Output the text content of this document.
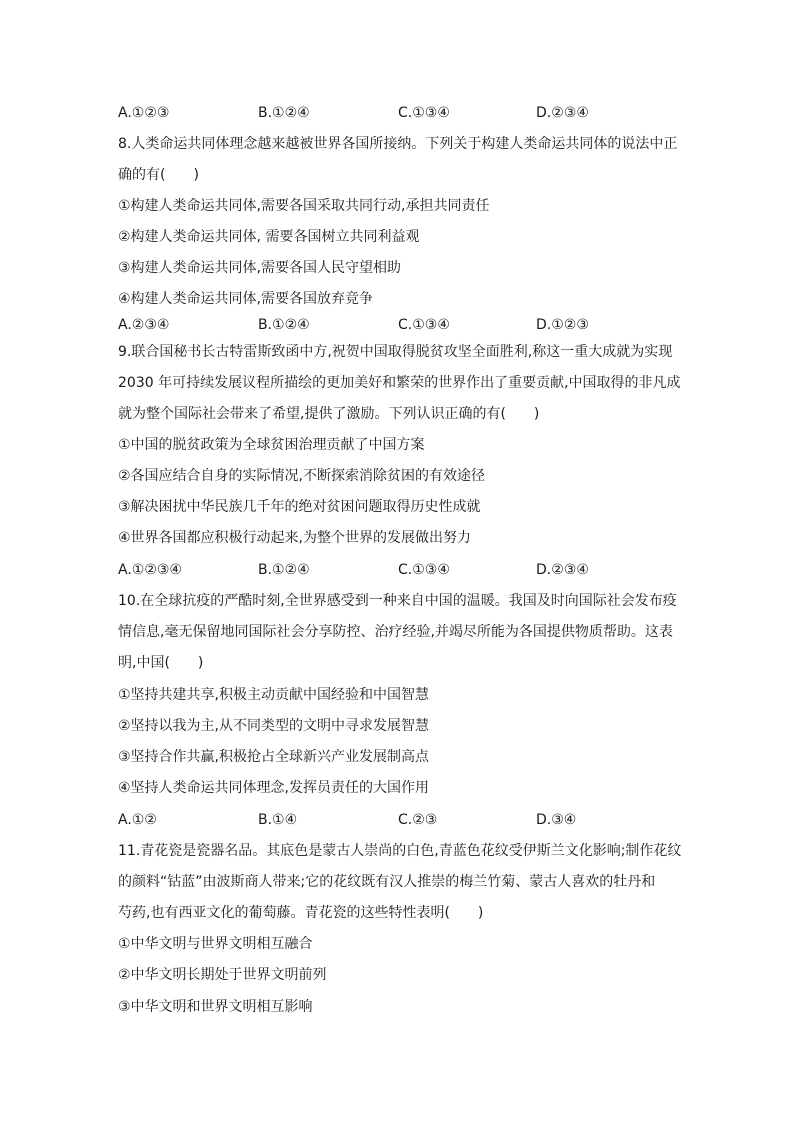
A.①②③	B.①②④	C.①③④	D.②③④
8.人类命运共同体理念越来越被世界各国所接纳。下列关于构建人类命运共同体的说法中正
确的有(　　)
①构建人类命运共同体,需要各国采取共同行动,承担共同责任
②构建人类命运共同体, 需要各国树立共同利益观
③构建人类命运共同体,需要各国人民守望相助
④构建人类命运共同体,需要各国放弃竞争
A.②③④	B.①②④	C.①③④	D.①②③
9.联合国秘书长古特雷斯致函中方,祝贺中国取得脱贫攻坚全面胜利,称这一重大成就为实现
2030 年可持续发展议程所描绘的更加美好和繁荣的世界作出了重要贡献,中国取得的非凡成
就为整个国际社会带来了希望,提供了激励。下列认识正确的有(　　)
①中国的脱贫政策为全球贫困治理贡献了中国方案
②各国应结合自身的实际情况,不断探索消除贫困的有效途径
③解决困扰中华民族几千年的绝对贫困问题取得历史性成就
④世界各国都应积极行动起来,为整个世界的发展做出努力
A.①②③④	B.①②④	C.①③④	D.②③④
10.在全球抗疫的严酷时刻,全世界感受到一种来自中国的温暖。我国及时向国际社会发布疫
情信息,毫无保留地同国际社会分享防控、治疗经验,并竭尽所能为各国提供物质帮助。这表
明,中国(　　)
①坚持共建共享,积极主动贡献中国经验和中国智慧
②坚持以我为主,从不同类型的文明中寻求发展智慧
③坚持合作共赢,积极抢占全球新兴产业发展制高点
④坚持人类命运共同体理念,发挥员责任的大国作用
A.①②	B.①④	C.②③	D.③④
11.青花瓷是瓷器名品。其底色是蒙古人崇尚的白色,青蓝色花纹受伊斯兰文化影响;制作花纹
的颜料“钴蓝”由波斯商人带来;它的花纹既有汉人推崇的梅兰竹菊、蒙古人喜欢的牡丹和
芍药,也有西亚文化的葡萄藤。青花瓷的这些特性表明(　　)
①中华文明与世界文明相互融合
②中华文明长期处于世界文明前列
③中华文明和世界文明相互影响
